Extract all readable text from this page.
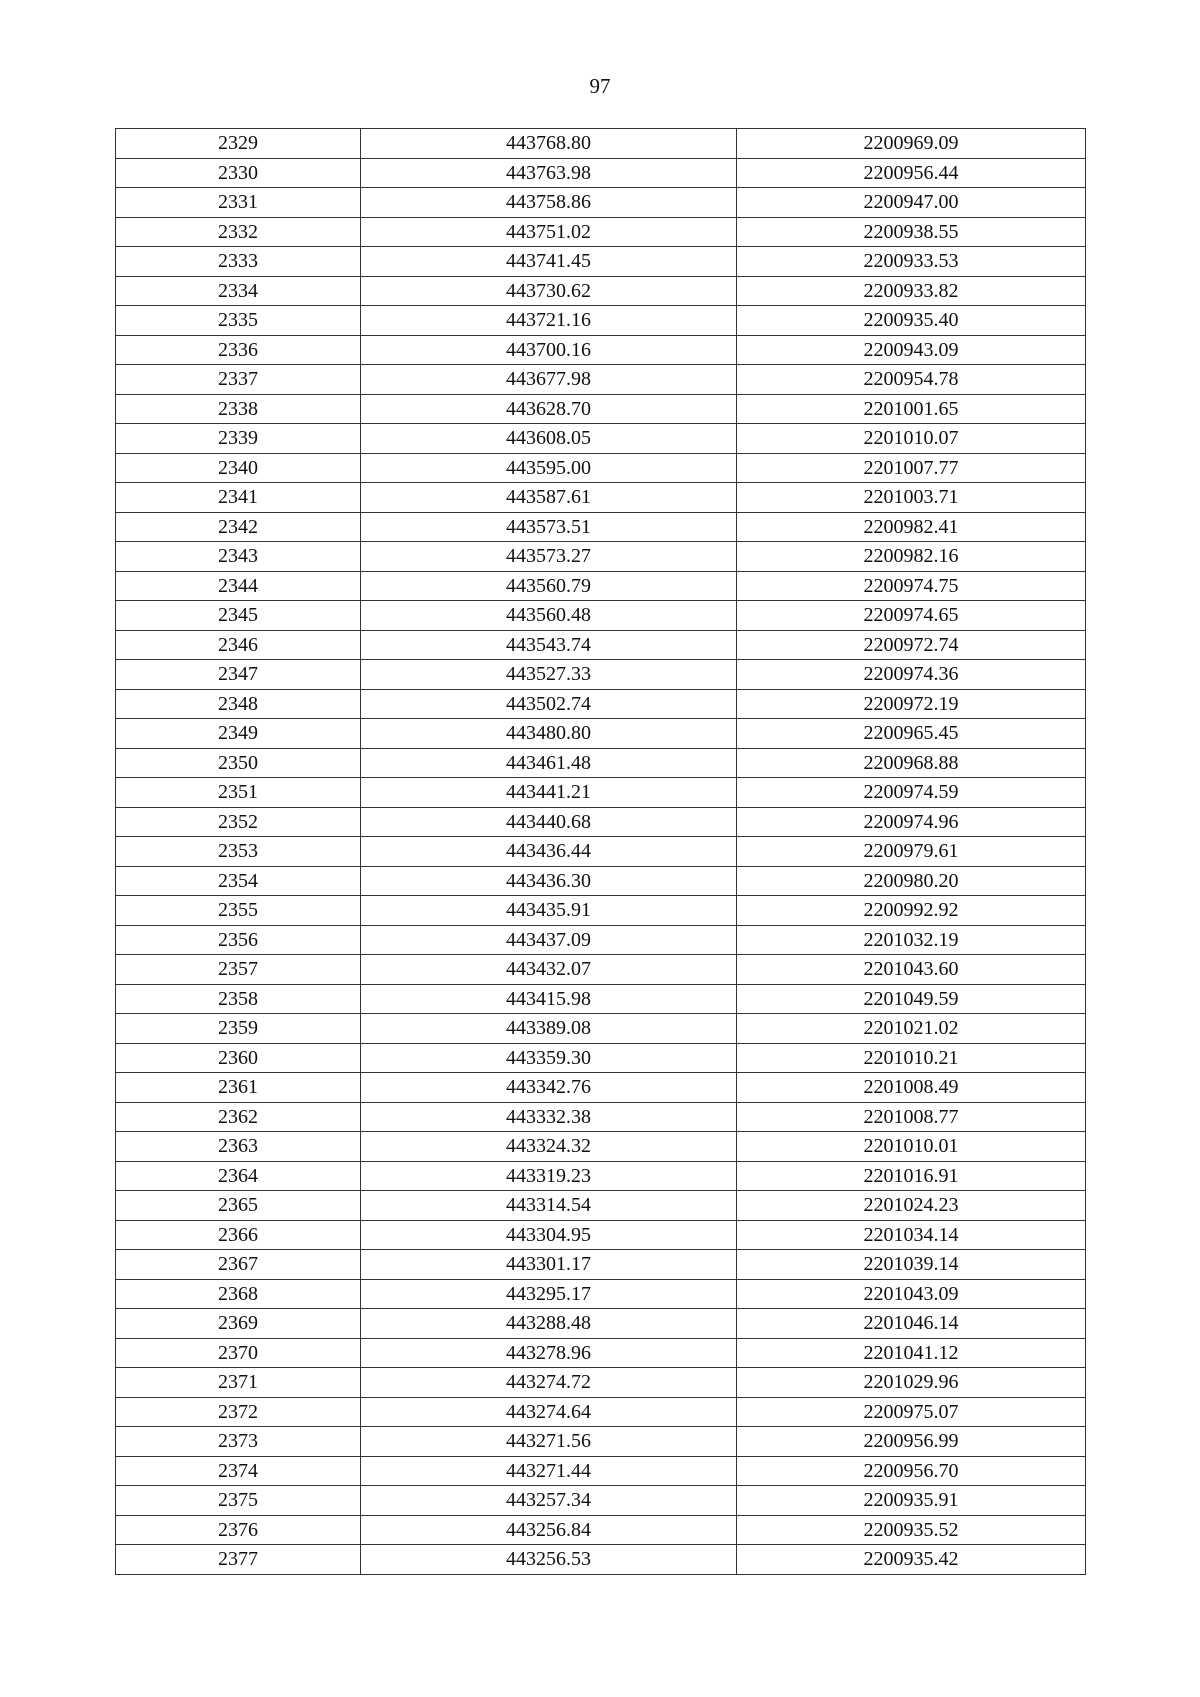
97
2329	443768.80	2200969.09
2330	443763.98	2200956.44
2331	443758.86	2200947.00
2332	443751.02	2200938.55
2333	443741.45	2200933.53
2334	443730.62	2200933.82
2335	443721.16	2200935.40
2336	443700.16	2200943.09
2337	443677.98	2200954.78
2338	443628.70	2201001.65
2339	443608.05	2201010.07
2340	443595.00	2201007.77
2341	443587.61	2201003.71
2342	443573.51	2200982.41
2343	443573.27	2200982.16
2344	443560.79	2200974.75
2345	443560.48	2200974.65
2346	443543.74	2200972.74
2347	443527.33	2200974.36
2348	443502.74	2200972.19
2349	443480.80	2200965.45
2350	443461.48	2200968.88
2351	443441.21	2200974.59
2352	443440.68	2200974.96
2353	443436.44	2200979.61
2354	443436.30	2200980.20
2355	443435.91	2200992.92
2356	443437.09	2201032.19
2357	443432.07	2201043.60
2358	443415.98	2201049.59
2359	443389.08	2201021.02
2360	443359.30	2201010.21
2361	443342.76	2201008.49
2362	443332.38	2201008.77
2363	443324.32	2201010.01
2364	443319.23	2201016.91
2365	443314.54	2201024.23
2366	443304.95	2201034.14
2367	443301.17	2201039.14
2368	443295.17	2201043.09
2369	443288.48	2201046.14
2370	443278.96	2201041.12
2371	443274.72	2201029.96
2372	443274.64	2200975.07
2373	443271.56	2200956.99
2374	443271.44	2200956.70
2375	443257.34	2200935.91
2376	443256.84	2200935.52
2377	443256.53	2200935.42
